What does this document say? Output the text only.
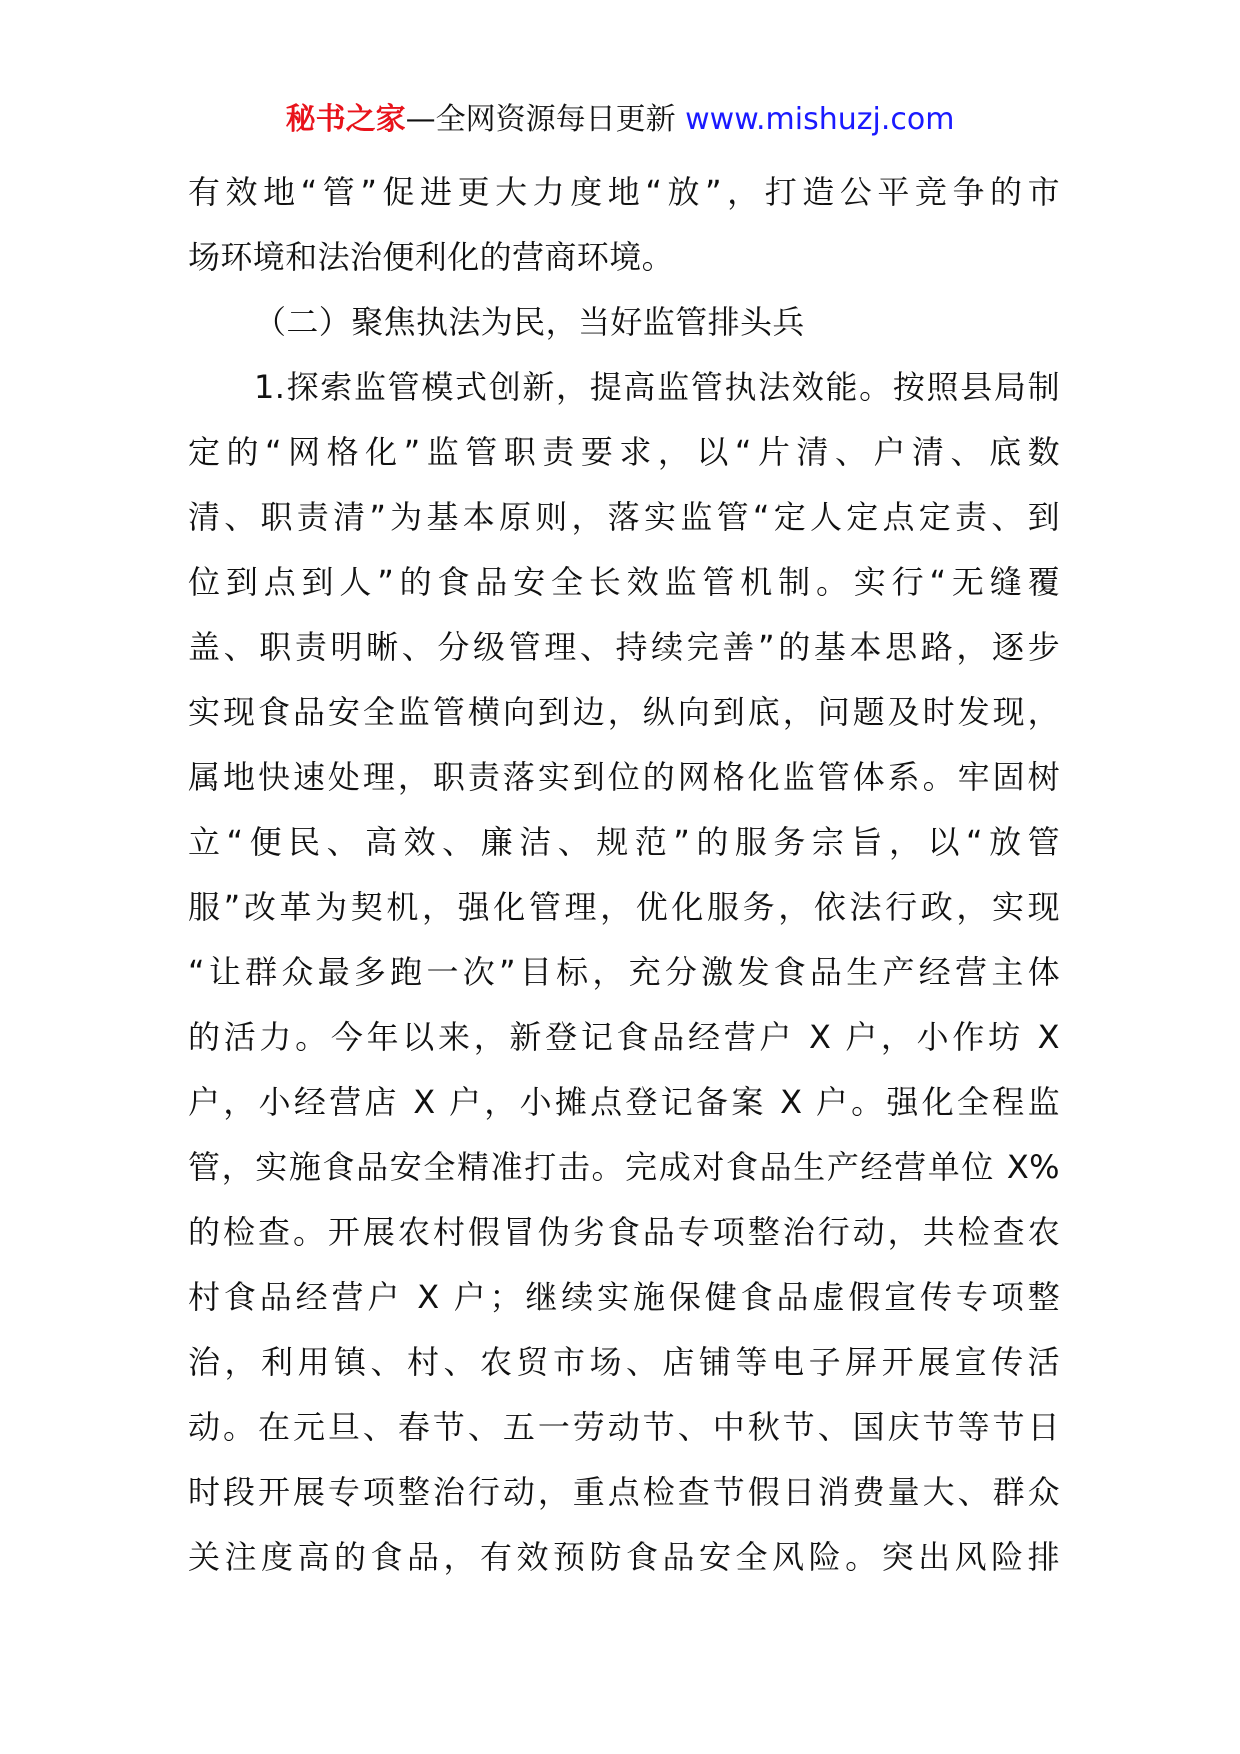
秘书之家—全网资源每日更新 www.mishuzj.com
有效地“管”促进更大力度地“放”，打造公平竞争的市
场环境和法治便利化的营商环境。
（二）聚焦执法为民，当好监管排头兵
1.探索监管模式创新，提高监管执法效能。按照县局制
定的“网格化”监管职责要求，以“片清、户清、底数
清、职责清”为基本原则，落实监管“定人定点定责、到
位到点到人”的食品安全长效监管机制。实行“无缝覆
盖、职责明晰、分级管理、持续完善”的基本思路，逐步
实现食品安全监管横向到边，纵向到底，问题及时发现，
属地快速处理，职责落实到位的网格化监管体系。牢固树
立“便民、高效、廉洁、规范”的服务宗旨，以“放管
服”改革为契机，强化管理，优化服务，依法行政，实现
“让群众最多跑一次”目标，充分激发食品生产经营主体
的活力。今年以来，新登记食品经营户 X 户，小作坊 X
户，小经营店 X 户，小摊点登记备案 X 户。强化全程监
管，实施食品安全精准打击。完成对食品生产经营单位 X%
的检查。开展农村假冒伪劣食品专项整治行动，共检查农
村食品经营户 X 户；继续实施保健食品虚假宣传专项整
治，利用镇、村、农贸市场、店铺等电子屏开展宣传活
动。在元旦、春节、五一劳动节、中秋节、国庆节等节日
时段开展专项整治行动，重点检查节假日消费量大、群众
关注度高的食品，有效预防食品安全风险。突出风险排
